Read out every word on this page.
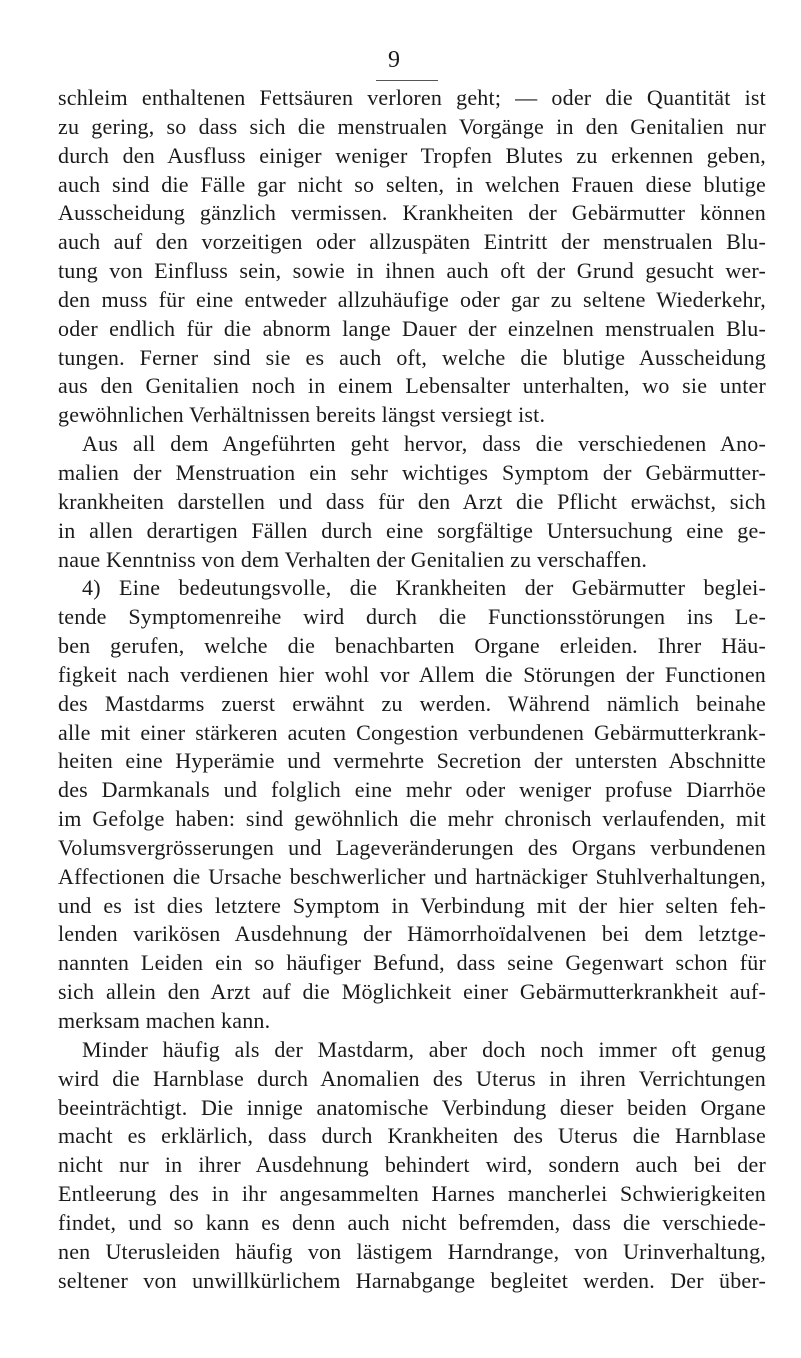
9
schleim enthaltenen Fettsäuren verloren geht; — oder die Quantität ist
zu gering, so dass sich die menstrualen Vorgänge in den Genitalien nur
durch den Ausfluss einiger weniger Tropfen Blutes zu erkennen geben,
auch sind die Fälle gar nicht so selten, in welchen Frauen diese blutige
Ausscheidung gänzlich vermissen. Krankheiten der Gebärmutter können
auch auf den vorzeitigen oder allzuspäten Eintritt der menstrualen Blu-
tung von Einfluss sein, sowie in ihnen auch oft der Grund gesucht wer-
den muss für eine entweder allzuhäufige oder gar zu seltene Wiederkehr,
oder endlich für die abnorm lange Dauer der einzelnen menstrualen Blu-
tungen. Ferner sind sie es auch oft, welche die blutige Ausscheidung
aus den Genitalien noch in einem Lebensalter unterhalten, wo sie unter
gewöhnlichen Verhältnissen bereits längst versiegt ist.
Aus all dem Angeführten geht hervor, dass die verschiedenen Ano-
malien der Menstruation ein sehr wichtiges Symptom der Gebärmutter-
krankheiten darstellen und dass für den Arzt die Pflicht erwächst, sich
in allen derartigen Fällen durch eine sorgfältige Untersuchung eine ge-
naue Kenntniss von dem Verhalten der Genitalien zu verschaffen.
4) Eine bedeutungsvolle, die Krankheiten der Gebärmutter beglei-
tende Symptomenreihe wird durch die Functionsstörungen ins Le-
ben gerufen, welche die benachbarten Organe erleiden. Ihrer Häu-
figkeit nach verdienen hier wohl vor Allem die Störungen der Functionen
des Mastdarms zuerst erwähnt zu werden. Während nämlich beinahe
alle mit einer stärkeren acuten Congestion verbundenen Gebärmutterkrank-
heiten eine Hyperämie und vermehrte Secretion der untersten Abschnitte
des Darmkanals und folglich eine mehr oder weniger profuse Diarrhöe
im Gefolge haben: sind gewöhnlich die mehr chronisch verlaufenden, mit
Volumsvergrösserungen und Lageveränderungen des Organs verbundenen
Affectionen die Ursache beschwerlicher und hartnäckiger Stuhlverhaltungen,
und es ist dies letztere Symptom in Verbindung mit der hier selten feh-
lenden varikösen Ausdehnung der Hämorrhoïdalvenen bei dem letztge-
nannten Leiden ein so häufiger Befund, dass seine Gegenwart schon für
sich allein den Arzt auf die Möglichkeit einer Gebärmutterkrankheit auf-
merksam machen kann.
Minder häufig als der Mastdarm, aber doch noch immer oft genug
wird die Harnblase durch Anomalien des Uterus in ihren Verrichtungen
beeinträchtigt. Die innige anatomische Verbindung dieser beiden Organe
macht es erklärlich, dass durch Krankheiten des Uterus die Harnblase
nicht nur in ihrer Ausdehnung behindert wird, sondern auch bei der
Entleerung des in ihr angesammelten Harnes mancherlei Schwierigkeiten
findet, und so kann es denn auch nicht befremden, dass die verschiede-
nen Uterusleiden häufig von lästigem Harndrange, von Urinverhaltung,
seltener von unwillkürlichem Harnabgange begleitet werden. Der über-
